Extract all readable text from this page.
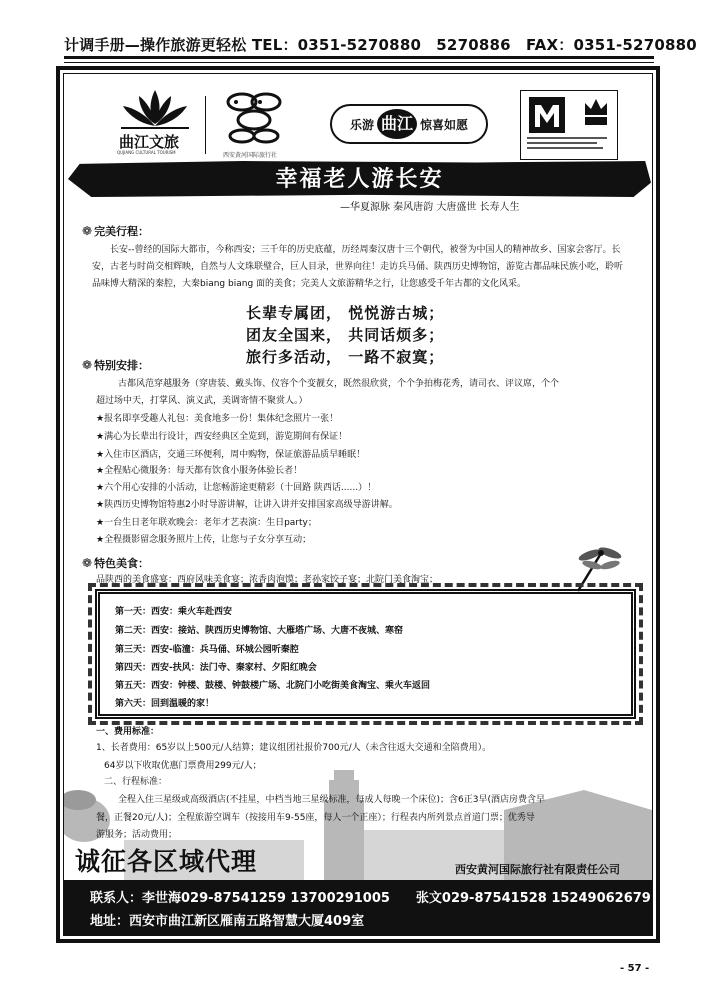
计调手册—操作旅游更轻松 TEL：0351-5270880　5270886　FAX：0351-5270880
曲江文旅
QUJIANG CULTURAL TOURISM	西安黄河国际旅行社
乐游 曲江 惊喜如愿
幸福老人游长安
—华夏源脉 秦风唐韵 大唐盛世 长寿人生
❁ 完美行程：
长安--曾经的国际大都市，今称西安；三千年的历史底蕴，历经周秦汉唐十三个朝代，被誉为中国人的精神故乡、国家会客厅。长安，古老与时尚交相辉映，自然与人文珠联璧合，巨人目录，世界向往！走访兵马俑、陕西历史博物馆，游览古都品味民族小吃，聆听品味博大精深的秦腔，大秦biang biang 面的美食；完美人文旅游精华之行，让您感受千年古都的文化风采。
长辈专属团， 悦悦游古城；
团友全国来， 共同话烦多；
旅行多活动， 一路不寂寞；
❁ 特别安排：
古都风范穿越服务（穿唐装、戴头饰、仪容个个变靓女，既然很欣赏，个个争拍梅花秀，请司衣、评议席，个个
超过场中天，打掌风、演义武，美调寄情不聚赏人。）
★报名即享受趣人礼包：美食地多一份！集体纪念照片一张！
★满心为长辈出行设计，西安经典区全览到，游览期间有保证！
★入住市区酒店，交通三环便利，周中购物，保证旅游品质早睡眠！
★全程贴心微服务：每天都有饮食小服务体验长者！
★六个用心安排的小活动，让您畅游途更精彩（十回路 陕西话......）！
★陕西历史博物馆特惠2小时导游讲解，让讲入讲并安排国家高级导游讲解。
★一台生日老年联欢晚会：老年才艺表演：生日party；
★全程摄影留念服务照片上传，让您与子女分享互动；
❁ 特色美食：
品陕西的美食盛宴：西府风味美食宴；浓香肉泡馍；老孙家饺子宴；北院门美食淘宝；
第一天：西安：乘火车赴西安
第二天：西安：接站、陕西历史博物馆、大雁塔广场、大唐不夜城、寒窑
第三天：西安-临潼：兵马俑、环城公园听秦腔
第四天：西安-扶风：法门寺、秦家村、夕阳红晚会
第五天：西安：钟楼、鼓楼、钟鼓楼广场、北院门小吃街美食淘宝、乘火车返回
第六天：回到温暖的家！
一、费用标准：
1、长者费用：65岁以上500元/人结算；建议组团社报价700元/人（未含往返大交通和全陪费用）。
64岁以下收取优惠门票费用299元/人；
二、行程标准：
全程入住三星级或高级酒店(不挂星，中档当地三星级标准，每成人每晚一个床位)；含6正3早(酒店房费含早
餐，正餐20元/人)；全程旅游空调车（按接用车9-55座，每人一个正座）；行程表内所列景点首道门票；优秀导
游服务；活动费用；
诚征各区域代理	西安黄河国际旅行社有限责任公司
联系人：李世海029-87541259 13700291005　　张文029-87541528 15249062679
地址：西安市曲江新区雁南五路智慧大厦409室
- 57 -
